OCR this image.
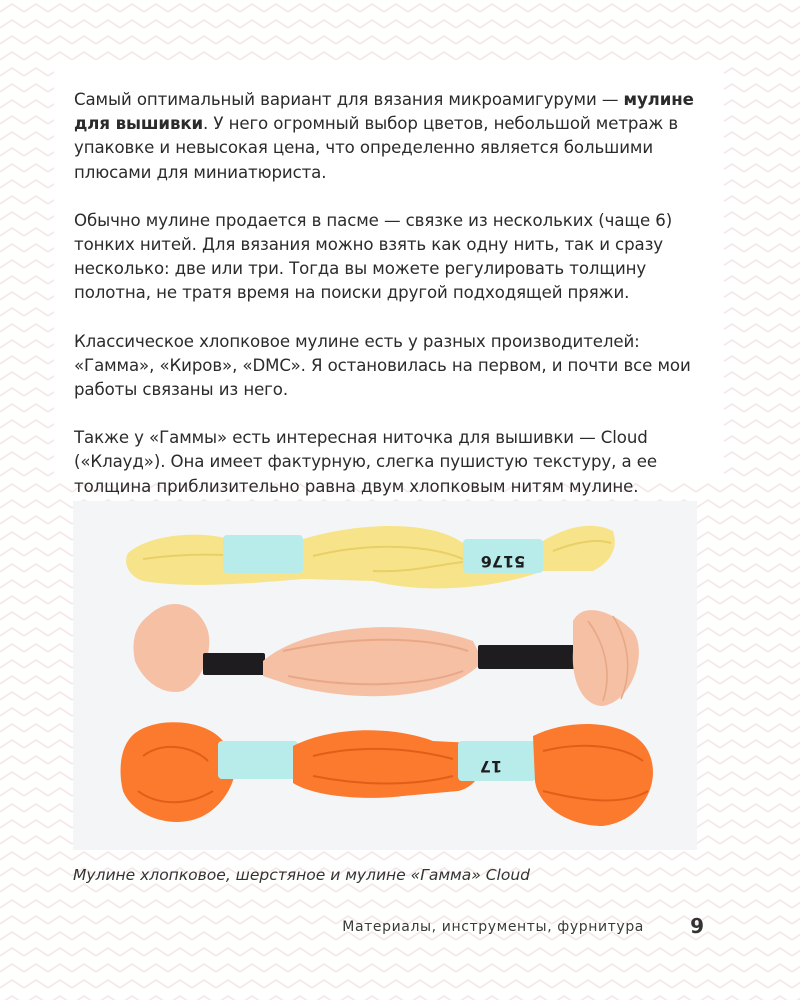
Самый оптимальный вариант для вязания микроамигуруми — мулине для вышивки. У него огромный выбор цветов, небольшой метраж в упаковке и невысокая цена, что определенно является большими плюсами для миниатюриста.

Обычно мулине продается в пасме — связке из нескольких (чаще 6) тонких нитей. Для вязания можно взять как одну нить, так и сразу несколько: две или три. Тогда вы можете регулировать толщину полотна, не тратя время на поиски другой подходящей пряжи.

Классическое хлопковое мулине есть у разных производителей: «Гамма», «Киров», «DMC». Я остановилась на первом, и почти все мои работы связаны из него.

Также у «Гаммы» есть интересная ниточка для вышивки — Cloud («Клауд»). Она имеет фактурную, слегка пушистую текстуру, а ее толщина приблизительно равна двум хлопковым нитям мулине.

5176
17
Мулине хлопковое, шерстяное и мулине «Гамма» Cloud
Материалы, инструменты, фурнитура 9
